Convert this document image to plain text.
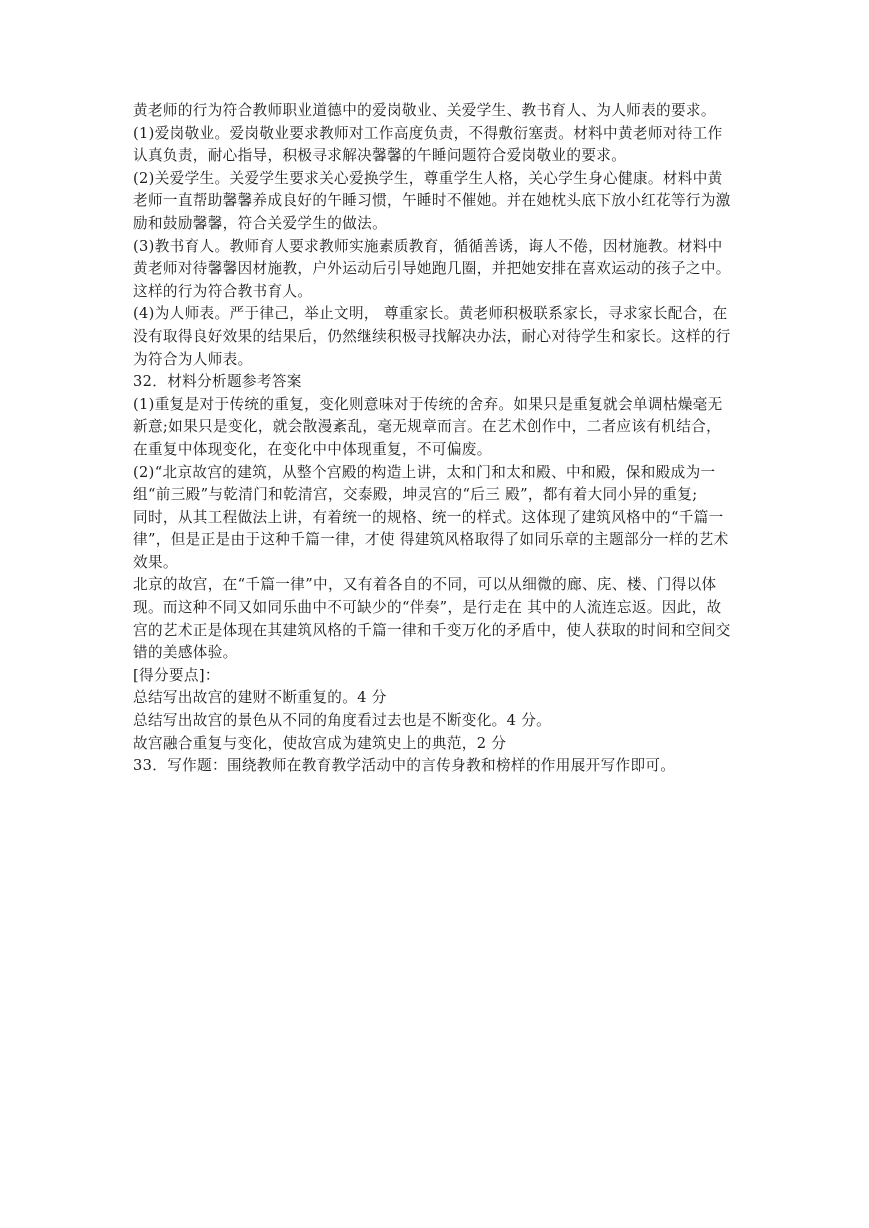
黄老师的行为符合教师职业道德中的爱岗敬业、关爱学生、教书育人、为人师表的要求。
(1)爱岗敬业。爱岗敬业要求教师对工作高度负责，不得敷衍塞责。材料中黄老师对待工作
认真负责，耐心指导，积极寻求解决馨馨的午睡问题符合爱岗敬业的要求。
(2)关爱学生。关爱学生要求关心爱换学生，尊重学生人格，关心学生身心健康。材料中黄
老师一直帮助馨馨养成良好的午睡习惯，午睡时不催她。并在她枕头底下放小红花等行为激
励和鼓励馨馨，符合关爱学生的做法。
(3)教书育人。教师育人要求教师实施素质教育，循循善诱，诲人不倦，因材施教。材料中
黄老师对待馨馨因材施教，户外运动后引导她跑几圈，并把她安排在喜欢运动的孩子之中。
这样的行为符合教书育人。
(4)为人师表。严于律己，举止文明， 尊重家长。黄老师积极联系家长，寻求家长配合，在
没有取得良好效果的结果后，仍然继续积极寻找解决办法，耐心对待学生和家长。这样的行
为符合为人师表。
32．材料分析题参考答案
(1)重复是对于传统的重复，变化则意味对于传统的舍弃。如果只是重复就会单调枯燥毫无
新意;如果只是变化，就会散漫紊乱，毫无规章而言。在艺术创作中，二者应该有机结合，
在重复中体现变化，在变化中中体现重复，不可偏废。
(2)“北京故宫的建筑，从整个宫殿的构造上讲，太和门和太和殿、中和殿，保和殿成为一
组“前三殿”与乾清门和乾清宫，交泰殿，坤灵宫的“后三 殿”，都有着大同小异的重复;
同时，从其工程做法上讲，有着统一的规格、统一的样式。这体现了建筑风格中的“千篇一
律”，但是正是由于这种千篇一律，才使 得建筑风格取得了如同乐章的主题部分一样的艺术
效果。
北京的故宫，在“千篇一律”中，又有着各自的不同，可以从细微的廊、庑、楼、门得以体
现。而这种不同又如同乐曲中不可缺少的“伴奏”，是行走在 其中的人流连忘返。因此，故
宫的艺术正是体现在其建筑风格的千篇一律和千变万化的矛盾中，使人获取的时间和空间交
错的美感体验。
[得分要点]：
总结写出故宫的建财不断重复的。4 分
总结写出故宫的景色从不同的角度看过去也是不断变化。4 分。
故宫融合重复与变化，使故宫成为建筑史上的典范，2 分
33．写作题：围绕教师在教育教学活动中的言传身教和榜样的作用展开写作即可。
